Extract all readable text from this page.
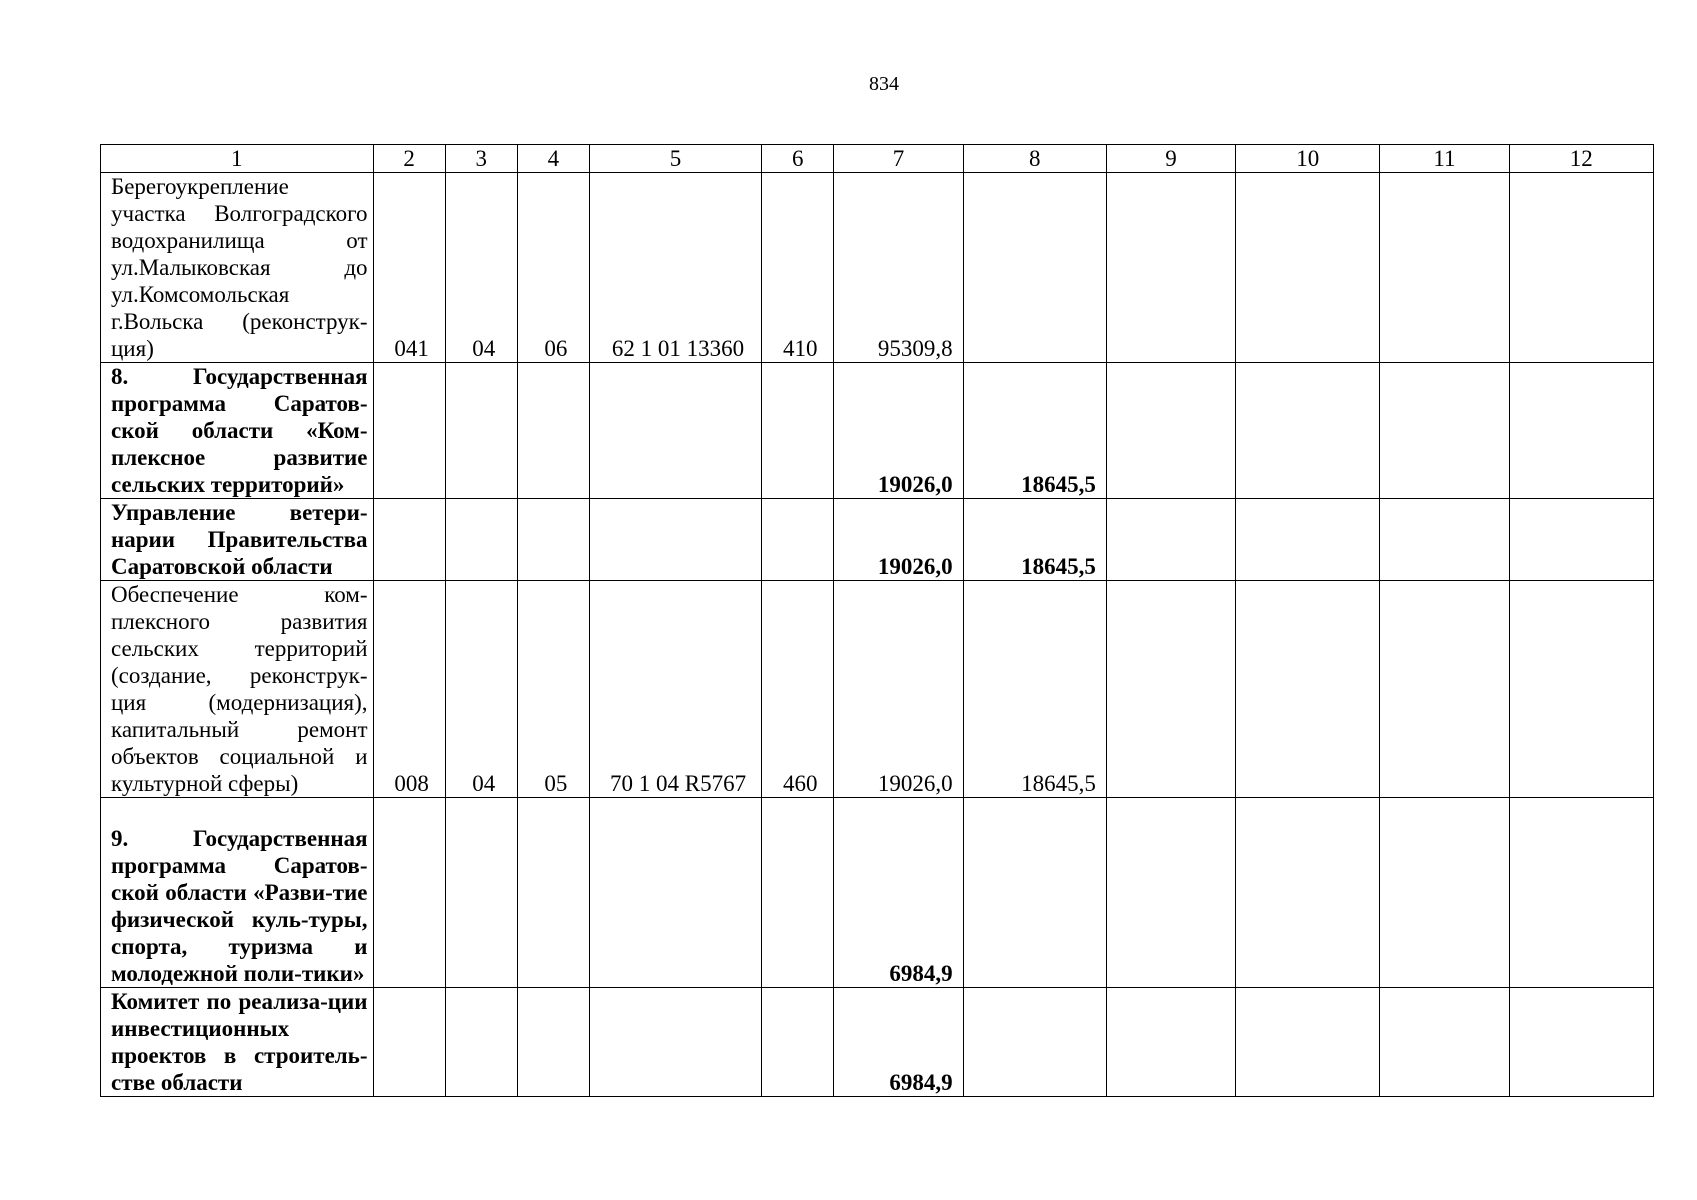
834
1	2	3	4	5	6	7	8	9	10	11	12
Берегоукрепление участка Волгоградского водохранилища от ул.Малыковская до ул.Комсомольская г.Вольска (реконструк-ция)	041	04	06	62 1 01 13360	410	95309,8					
8. Государственная программа Саратов-ской области «Ком-плексное развитие сельских территорий»						19026,0	18645,5				
Управление ветери-нарии Правительства Саратовской области						19026,0	18645,5				
Обеспечение ком-плексного развития сельских территорий (создание, реконструк-ция (модернизация), капитальный ремонт объектов социальной и культурной сферы)	008	04	05	70 1 04 R5767	460	19026,0	18645,5				
9. Государственная программа Саратов-ской области «Разви-тие физической куль-туры, спорта, туризма и молодежной поли-тики»						6984,9					
Комитет по реализа-ции инвестиционных проектов в строитель-стве области						6984,9					
